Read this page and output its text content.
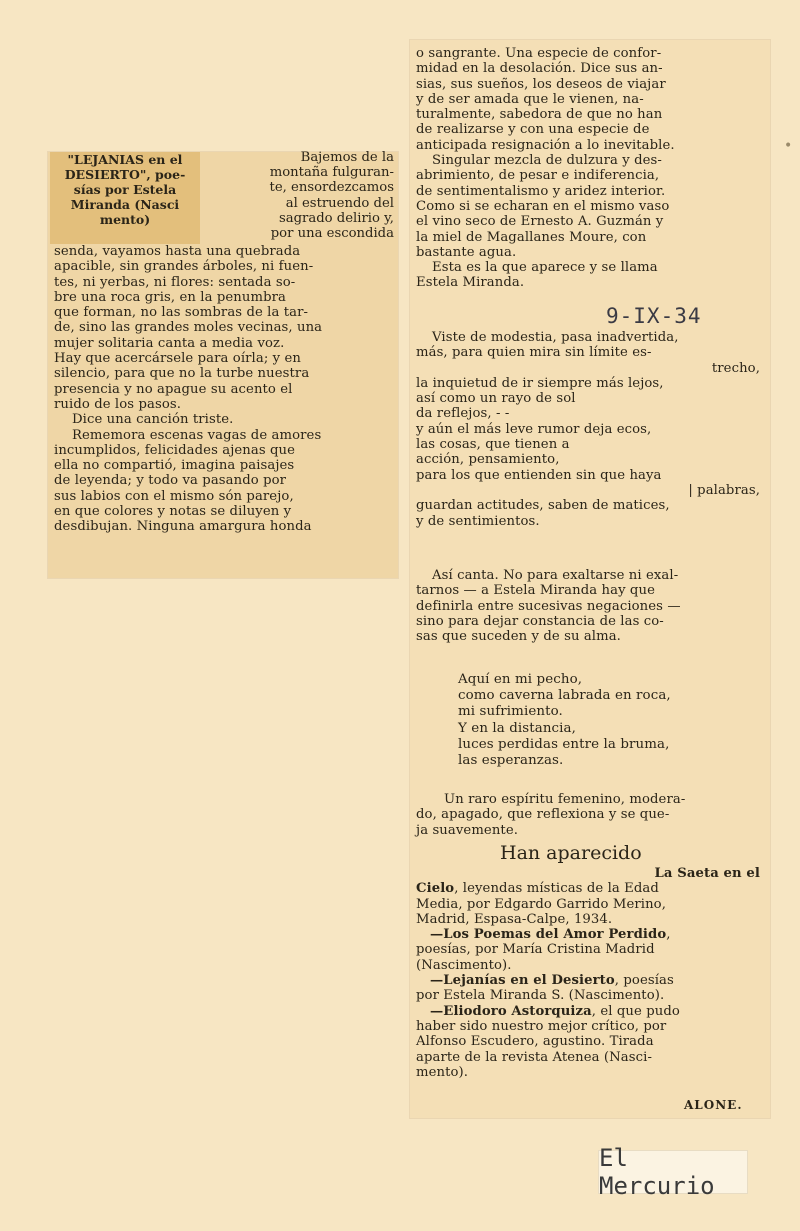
"LEJANIAS en el

DESIERTO", poe-

sías por Estela

Miranda (Nasci

mento)

Bajemos de la

montaña fulguran-

te, ensordezcamos

al estruendo del

sagrado delirio y,

por una escondida

senda, vayamos hasta una quebrada

apacible, sin grandes árboles, ni fuen-

tes, ni yerbas, ni flores: sentada so-

bre una roca gris, en la penumbra

que forman, no las sombras de la tar-

de, sino las grandes moles vecinas, una

mujer solitaria canta a media voz.

Hay que acercársele para oírla; y en

silencio, para que no la turbe nuestra

presencia y no apague su acento el

ruido de los pasos.

Dice una canción triste.

Rememora escenas vagas de amores

incumplidos, felicidades ajenas que

ella no compartió, imagina paisajes

de leyenda; y todo va pasando por

sus labios con el mismo són parejo,

en que colores y notas se diluyen y

desdibujan. Ninguna amargura honda

o sangrante. Una especie de confor-

midad en la desolación. Dice sus an-

sias, sus sueños, los deseos de viajar

y de ser amada que le vienen, na-

turalmente, sabedora de que no han

de realizarse y con una especie de

anticipada resignación a lo inevitable.

Singular mezcla de dulzura y des-

abrimiento, de pesar e indiferencia,

de sentimentalismo y aridez interior.

Como si se echaran en el mismo vaso

el vino seco de Ernesto A. Guzmán y

la miel de Magallanes Moure, con

bastante agua.

Esta es la que aparece y se llama

Estela Miranda.

9-IX-34

Viste de modestia, pasa inadvertida,

más, para quien mira sin límite es-

trecho,

la inquietud de ir siempre más lejos,

así como un rayo de sol

da reflejos, - -

y aún el más leve rumor deja ecos,

las cosas, que tienen a

acción, pensamiento,

para los que entienden sin que haya

| palabras,

guardan actitudes, saben de matices,

y de sentimientos.

Así canta. No para exaltarse ni exal-

tarnos — a Estela Miranda hay que

definirla entre sucesivas negaciones —

sino para dejar constancia de las co-

sas que suceden y de su alma.

Aquí en mi pecho,

como caverna labrada en roca,

mi sufrimiento.

Y en la distancia,

luces perdidas entre la bruma,

las esperanzas.

Un raro espíritu femenino, modera-

do, apagado, que reflexiona y se que-

ja suavemente.

Han aparecido

La Saeta en el

Cielo, leyendas místicas de la Edad

Media, por Edgardo Garrido Merino,

Madrid, Espasa-Calpe, 1934.

—Los Poemas del Amor Perdido,

poesías, por María Cristina Madrid

(Nascimento).

—Lejanías en el Desierto, poesías

por Estela Miranda S. (Nascimento).

—Eliodoro Astorquiza, el que pudo

haber sido nuestro mejor crítico, por

Alfonso Escudero, agustino. Tirada

aparte de la revista Atenea (Nasci-

mento).

ALONE.
•
El Mercurio
